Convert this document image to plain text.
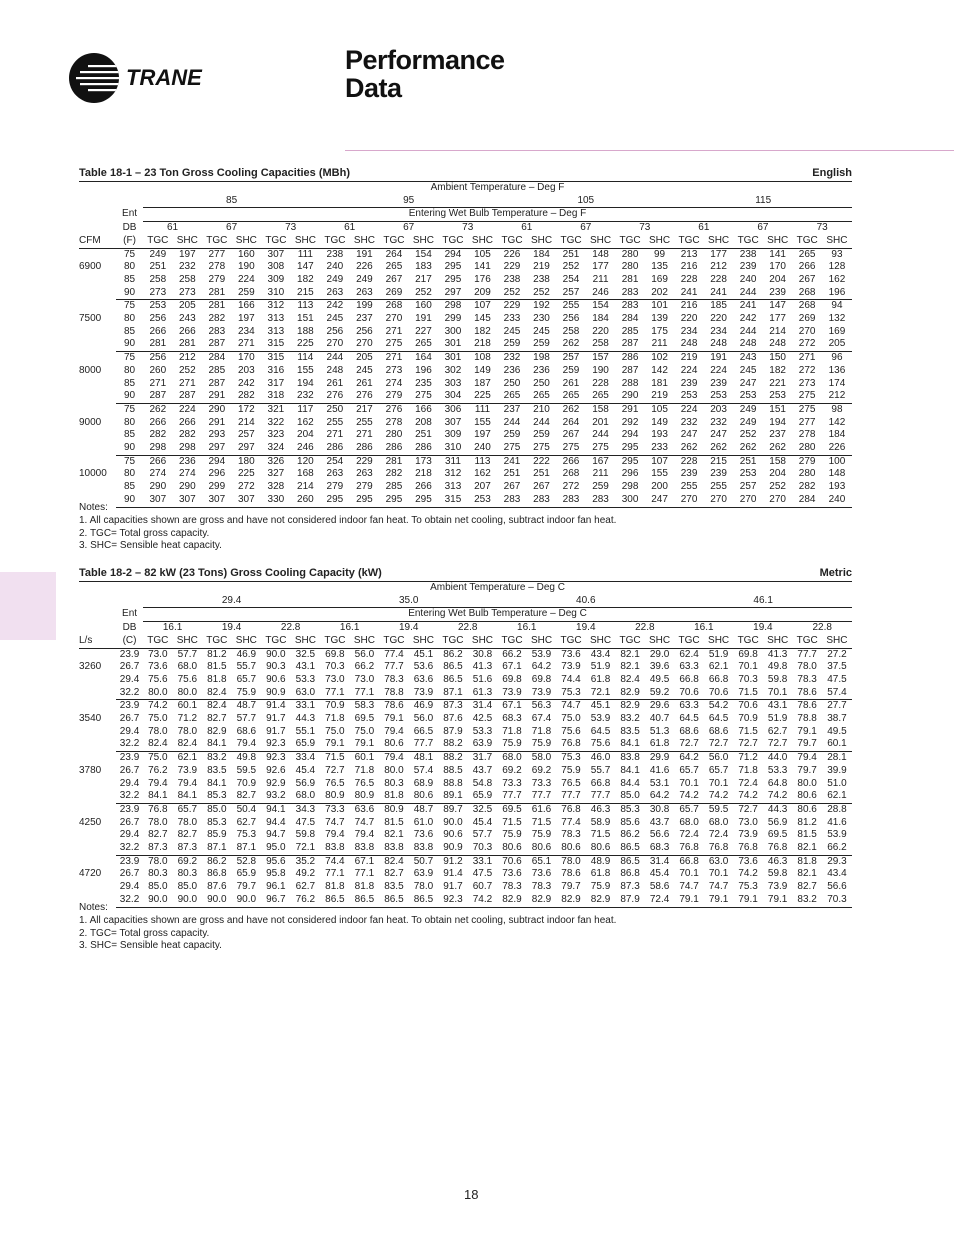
TRANE
Performance
Data
Table 18-1 – 23 Ton Gross Cooling Capacities (MBh)	English
		Ambient Temperature – Deg F																							
		85						95						105						115					
	Ent	Entering Wet Bulb Temperature – Deg F																							
	DB	61		67		73		61		67		73		61		67		73		61		67		73	
CFM	(F)	TGC	SHC	TGC	SHC	TGC	SHC	TGC	SHC	TGC	SHC	TGC	SHC	TGC	SHC	TGC	SHC	TGC	SHC	TGC	SHC	TGC	SHC	TGC	SHC
	75	249	197	277	160	307	111	238	191	264	154	294	105	226	184	251	148	280	99	213	177	238	141	265	93
6900	80	251	232	278	190	308	147	240	226	265	183	295	141	229	219	252	177	280	135	216	212	239	170	266	128
	85	258	258	279	224	309	182	249	249	267	217	295	176	238	238	254	211	281	169	228	228	240	204	267	162
	90	273	273	281	259	310	215	263	263	269	252	297	209	252	252	257	246	283	202	241	241	244	239	268	196
	75	253	205	281	166	312	113	242	199	268	160	298	107	229	192	255	154	283	101	216	185	241	147	268	94
7500	80	256	243	282	197	313	151	245	237	270	191	299	145	233	230	256	184	284	139	220	220	242	177	269	132
	85	266	266	283	234	313	188	256	256	271	227	300	182	245	245	258	220	285	175	234	234	244	214	270	169
	90	281	281	287	271	315	225	270	270	275	265	301	218	259	259	262	258	287	211	248	248	248	248	272	205
	75	256	212	284	170	315	114	244	205	271	164	301	108	232	198	257	157	286	102	219	191	243	150	271	96
8000	80	260	252	285	203	316	155	248	245	273	196	302	149	236	236	259	190	287	142	224	224	245	182	272	136
	85	271	271	287	242	317	194	261	261	274	235	303	187	250	250	261	228	288	181	239	239	247	221	273	174
	90	287	287	291	282	318	232	276	276	279	275	304	225	265	265	265	265	290	219	253	253	253	253	275	212
	75	262	224	290	172	321	117	250	217	276	166	306	111	237	210	262	158	291	105	224	203	249	151	275	98
9000	80	266	266	291	214	322	162	255	255	278	208	307	155	244	244	264	201	292	149	232	232	249	194	277	142
	85	282	282	293	257	323	204	271	271	280	251	309	197	259	259	267	244	294	193	247	247	252	237	278	184
	90	298	298	297	297	324	246	286	286	286	286	310	240	275	275	275	275	295	233	262	262	262	262	280	226
	75	266	236	294	180	326	120	254	229	281	173	311	113	241	222	266	167	295	107	228	215	251	158	279	100
10000	80	274	274	296	225	327	168	263	263	282	218	312	162	251	251	268	211	296	155	239	239	253	204	280	148
	85	290	290	299	272	328	214	279	279	285	266	313	207	267	267	272	259	298	200	255	255	257	252	282	193
	90	307	307	307	307	330	260	295	295	295	295	315	253	283	283	283	283	300	247	270	270	270	270	284	240
Notes:
1. All capacities shown are gross and have not considered indoor fan heat. To obtain net cooling, subtract indoor fan heat.
2. TGC= Total gross capacity.
3. SHC= Sensible heat capacity.
Table 18-2 – 82 kW (23 Tons) Gross Cooling Capacity (kW)	Metric
		Ambient Temperature – Deg C																							
		29.4						35.0						40.6						46.1					
	Ent	Entering Wet Bulb Temperature – Deg C																							
	DB	16.1		19.4		22.8		16.1		19.4		22.8		16.1		19.4		22.8		16.1		19.4		22.8	
L/s	(C)	TGC	SHC	TGC	SHC	TGC	SHC	TGC	SHC	TGC	SHC	TGC	SHC	TGC	SHC	TGC	SHC	TGC	SHC	TGC	SHC	TGC	SHC	TGC	SHC
	23.9	73.0	57.7	81.2	46.9	90.0	32.5	69.8	56.0	77.4	45.1	86.2	30.8	66.2	53.9	73.6	43.4	82.1	29.0	62.4	51.9	69.8	41.3	77.7	27.2
3260	26.7	73.6	68.0	81.5	55.7	90.3	43.1	70.3	66.2	77.7	53.6	86.5	41.3	67.1	64.2	73.9	51.9	82.1	39.6	63.3	62.1	70.1	49.8	78.0	37.5
	29.4	75.6	75.6	81.8	65.7	90.6	53.3	73.0	73.0	78.3	63.6	86.5	51.6	69.8	69.8	74.4	61.8	82.4	49.5	66.8	66.8	70.3	59.8	78.3	47.5
	32.2	80.0	80.0	82.4	75.9	90.9	63.0	77.1	77.1	78.8	73.9	87.1	61.3	73.9	73.9	75.3	72.1	82.9	59.2	70.6	70.6	71.5	70.1	78.6	57.4
	23.9	74.2	60.1	82.4	48.7	91.4	33.1	70.9	58.3	78.6	46.9	87.3	31.4	67.1	56.3	74.7	45.1	82.9	29.6	63.3	54.2	70.6	43.1	78.6	27.7
3540	26.7	75.0	71.2	82.7	57.7	91.7	44.3	71.8	69.5	79.1	56.0	87.6	42.5	68.3	67.4	75.0	53.9	83.2	40.7	64.5	64.5	70.9	51.9	78.8	38.7
	29.4	78.0	78.0	82.9	68.6	91.7	55.1	75.0	75.0	79.4	66.5	87.9	53.3	71.8	71.8	75.6	64.5	83.5	51.3	68.6	68.6	71.5	62.7	79.1	49.5
	32.2	82.4	82.4	84.1	79.4	92.3	65.9	79.1	79.1	80.6	77.7	88.2	63.9	75.9	75.9	76.8	75.6	84.1	61.8	72.7	72.7	72.7	72.7	79.7	60.1
	23.9	75.0	62.1	83.2	49.8	92.3	33.4	71.5	60.1	79.4	48.1	88.2	31.7	68.0	58.0	75.3	46.0	83.8	29.9	64.2	56.0	71.2	44.0	79.4	28.1
3780	26.7	76.2	73.9	83.5	59.5	92.6	45.4	72.7	71.8	80.0	57.4	88.5	43.7	69.2	69.2	75.9	55.7	84.1	41.6	65.7	65.7	71.8	53.3	79.7	39.9
	29.4	79.4	79.4	84.1	70.9	92.9	56.9	76.5	76.5	80.3	68.9	88.8	54.8	73.3	73.3	76.5	66.8	84.4	53.1	70.1	70.1	72.4	64.8	80.0	51.0
	32.2	84.1	84.1	85.3	82.7	93.2	68.0	80.9	80.9	81.8	80.6	89.1	65.9	77.7	77.7	77.7	77.7	85.0	64.2	74.2	74.2	74.2	74.2	80.6	62.1
	23.9	76.8	65.7	85.0	50.4	94.1	34.3	73.3	63.6	80.9	48.7	89.7	32.5	69.5	61.6	76.8	46.3	85.3	30.8	65.7	59.5	72.7	44.3	80.6	28.8
4250	26.7	78.0	78.0	85.3	62.7	94.4	47.5	74.7	74.7	81.5	61.0	90.0	45.4	71.5	71.5	77.4	58.9	85.6	43.7	68.0	68.0	73.0	56.9	81.2	41.6
	29.4	82.7	82.7	85.9	75.3	94.7	59.8	79.4	79.4	82.1	73.6	90.6	57.7	75.9	75.9	78.3	71.5	86.2	56.6	72.4	72.4	73.9	69.5	81.5	53.9
	32.2	87.3	87.3	87.1	87.1	95.0	72.1	83.8	83.8	83.8	83.8	90.9	70.3	80.6	80.6	80.6	80.6	86.5	68.3	76.8	76.8	76.8	76.8	82.1	66.2
	23.9	78.0	69.2	86.2	52.8	95.6	35.2	74.4	67.1	82.4	50.7	91.2	33.1	70.6	65.1	78.0	48.9	86.5	31.4	66.8	63.0	73.6	46.3	81.8	29.3
4720	26.7	80.3	80.3	86.8	65.9	95.8	49.2	77.1	77.1	82.7	63.9	91.4	47.5	73.6	73.6	78.6	61.8	86.8	45.4	70.1	70.1	74.2	59.8	82.1	43.4
	29.4	85.0	85.0	87.6	79.7	96.1	62.7	81.8	81.8	83.5	78.0	91.7	60.7	78.3	78.3	79.7	75.9	87.3	58.6	74.7	74.7	75.3	73.9	82.7	56.6
	32.2	90.0	90.0	90.0	90.0	96.7	76.2	86.5	86.5	86.5	86.5	92.3	74.2	82.9	82.9	82.9	82.9	87.9	72.4	79.1	79.1	79.1	79.1	83.2	70.3
Notes:
1. All capacities shown are gross and have not considered indoor fan heat. To obtain net cooling, subtract indoor fan heat.
2. TGC= Total gross capacity.
3. SHC= Sensible heat capacity.
18
